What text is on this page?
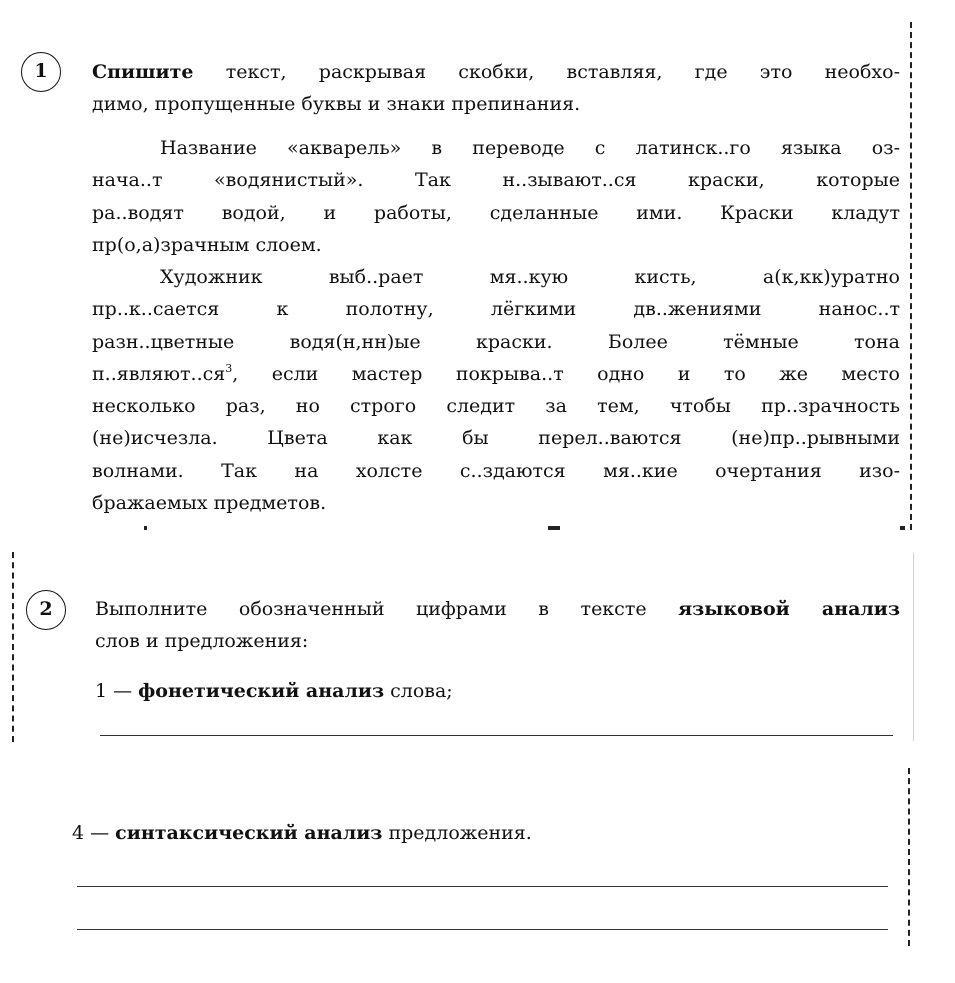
1	Спишите текст, раскрывая скобки, вставляя, где это необхо-
димо, пропущенные буквы и знаки препинания.
Название «акварель» в переводе с латинск..го языка оз-
нача..т «водянистый». Так н..зывают..ся краски, которые
ра..водят водой, и работы, сделанные ими. Краски кладут
пр(о,а)зрачным слоем.
Художник выб..рает мя..кую кисть, а(к,кк)уратно
пр..к..сается к полотну, лёгкими дв..жениями нанос..т
разн..цветные водя(н,нн)ые краски. Более тёмные тона
$п..являют..ся^3$, если мастер покрыва..т одно и то же место
несколько раз, но строго следит за тем, чтобы пр..зрачность
(не)исчезла. Цвета как бы перел..ваются (не)пр..рывными
волнами. Так на холсте с..здаются мя..кие очертания изо-
бражаемых предметов.
2	Выполните обозначенный цифрами в тексте языковой анализ
слов и предложения:
1 — фонетический анализ слова;
4 — синтаксический анализ предложения.
